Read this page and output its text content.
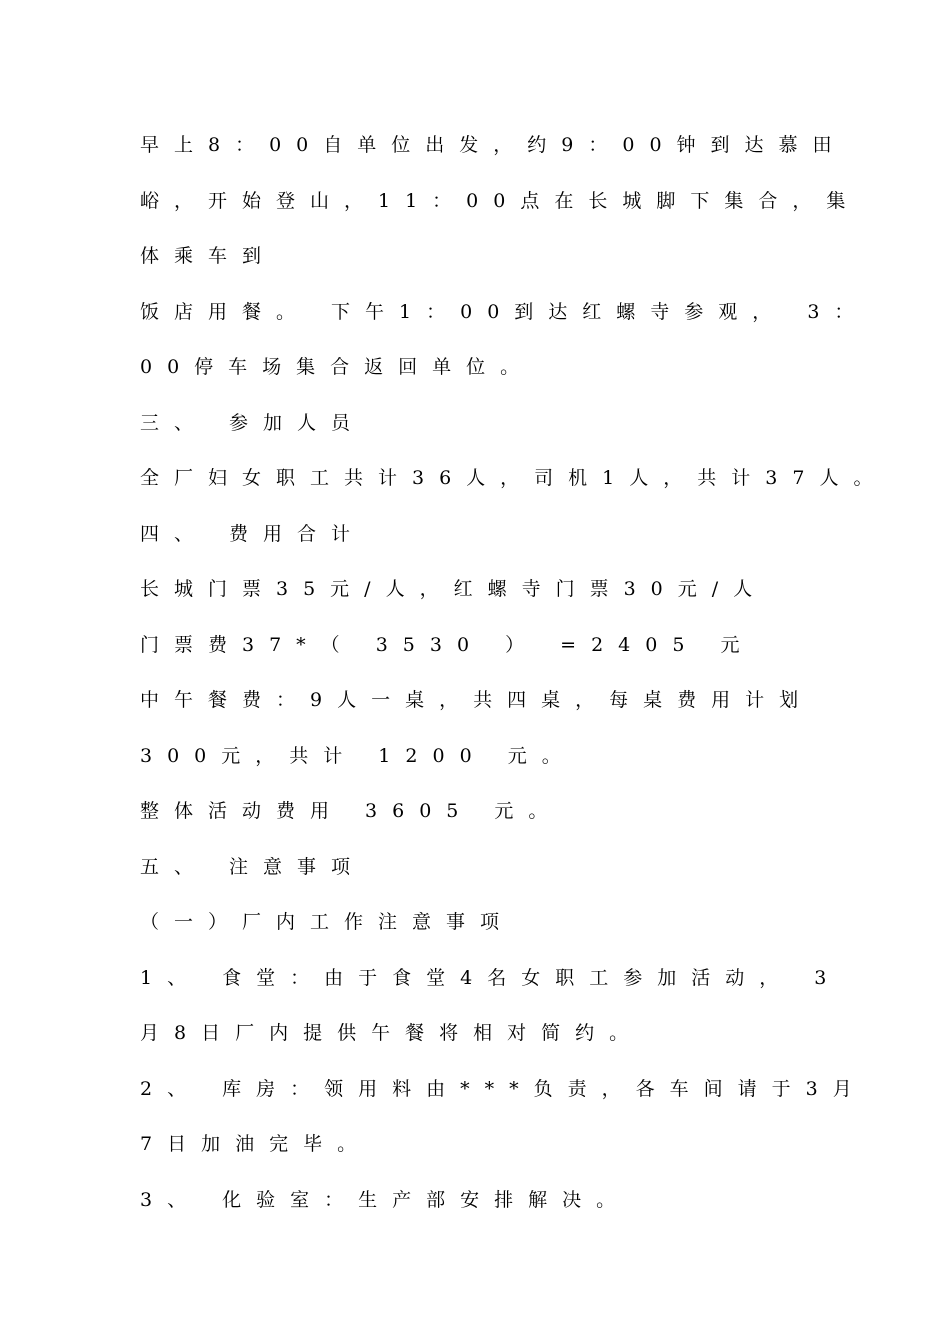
早上8：00自单位出发，约9：00钟到达慕田
峪，开始登山，11：00点在长城脚下集合，集
体乘车到
饭店用餐。 下午1：00到达红螺寺参观， 3：
00停车场集合返回单位。
三、 参加人员
全厂妇女职工共计36人，司机1人，共计37人。
四、 费用合计
长城门票35元/人，红螺寺门票30元/人
门票费37*（ 3530 ） =2405 元
中午餐费：9人一桌，共四桌，每桌费用计划
300元，共计 1200 元。
整体活动费用 3605 元。
五、 注意事项
（一）厂内工作注意事项
1、 食堂：由于食堂4名女职工参加活动， 3
月8日厂内提供午餐将相对简约。
2、 库房：领用料由***负责，各车间请于3月
7日加油完毕。
3、 化验室：生产部安排解决。
